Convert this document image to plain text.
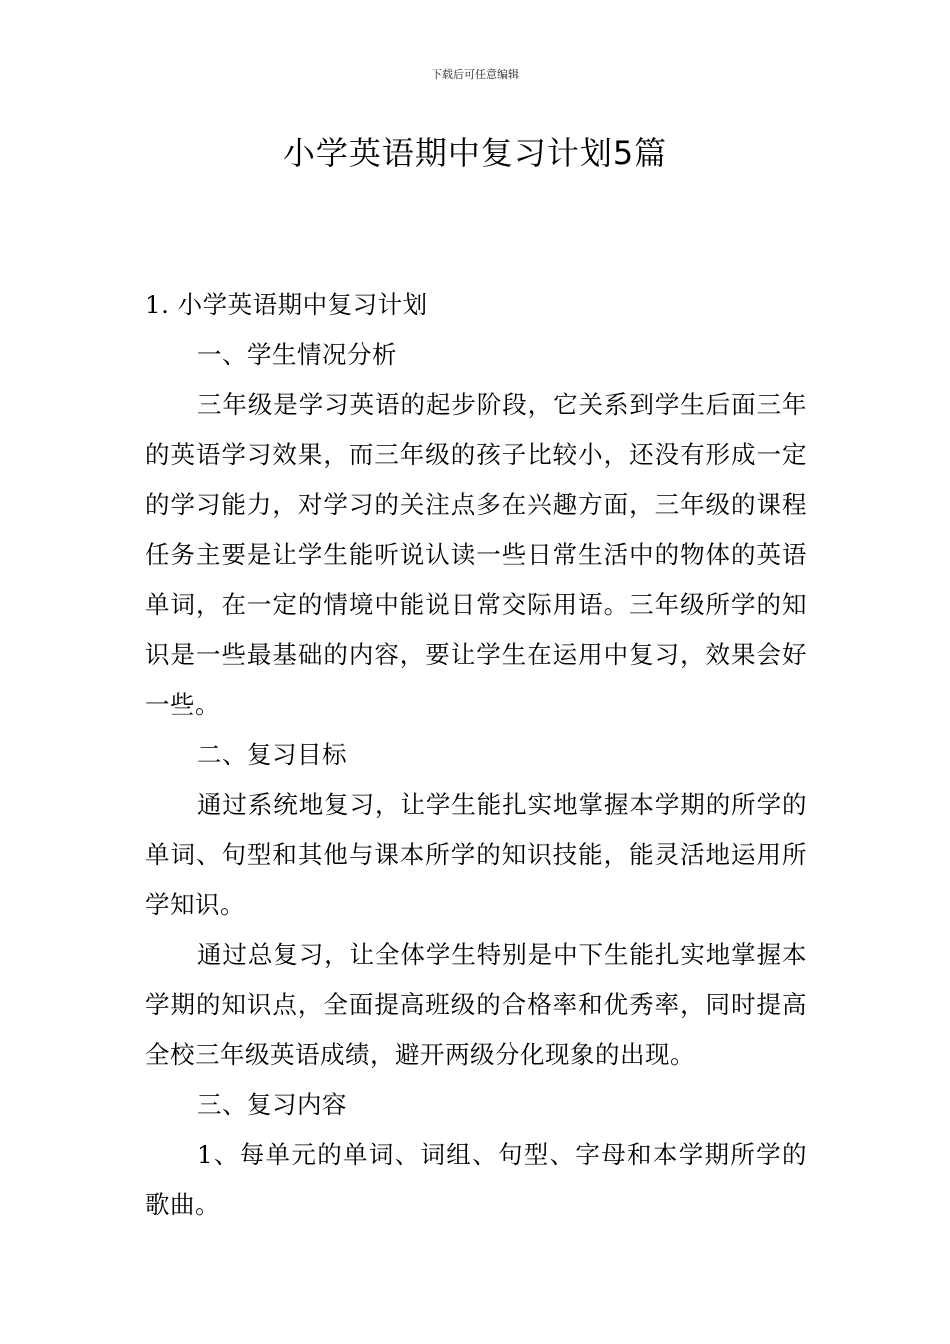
下载后可任意编辑
小学英语期中复习计划5篇

1. 小学英语期中复习计划

一、学生情况分析

三年级是学习英语的起步阶段，它关系到学生后面三年的英语学习效果，而三年级的孩子比较小，还没有形成一定的学习能力，对学习的关注点多在兴趣方面，三年级的课程任务主要是让学生能听说认读一些日常生活中的物体的英语单词，在一定的情境中能说日常交际用语。三年级所学的知识是一些最基础的内容，要让学生在运用中复习，效果会好一些。

二、复习目标

通过系统地复习，让学生能扎实地掌握本学期的所学的单词、句型和其他与课本所学的知识技能，能灵活地运用所学知识。

通过总复习，让全体学生特别是中下生能扎实地掌握本学期的知识点，全面提高班级的合格率和优秀率，同时提高全校三年级英语成绩，避开两级分化现象的出现。

三、复习内容

1、每单元的单词、词组、句型、字母和本学期所学的歌曲。
